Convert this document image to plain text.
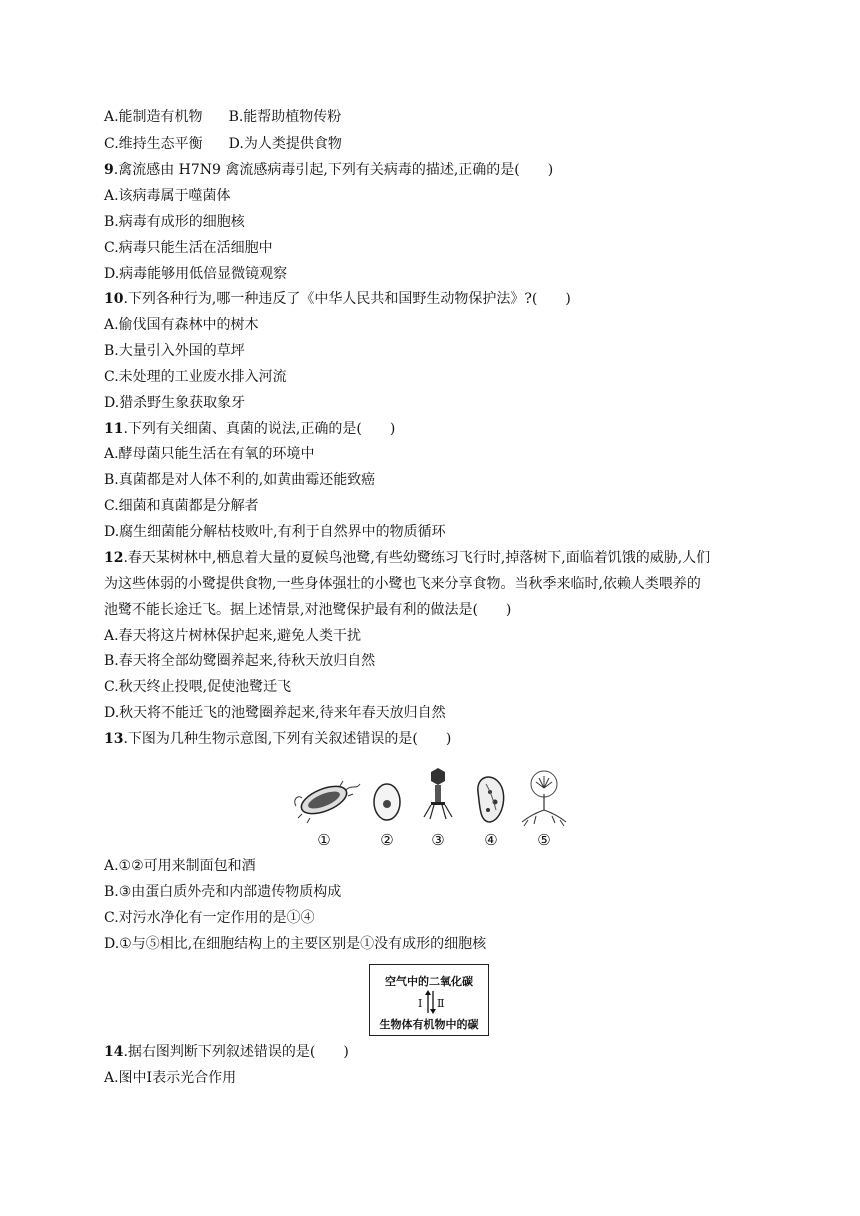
A.能制造有机物 B.能帮助植物传粉
C.维持生态平衡 D.为人类提供食物
9.禽流感由 H7N9 禽流感病毒引起,下列有关病毒的描述,正确的是(　　)
A.该病毒属于噬菌体
B.病毒有成形的细胞核
C.病毒只能生活在活细胞中
D.病毒能够用低倍显微镜观察
10.下列各种行为,哪一种违反了《中华人民共和国野生动物保护法》?(　　)
A.偷伐国有森林中的树木
B.大量引入外国的草坪
C.未处理的工业废水排入河流
D.猎杀野生象获取象牙
11.下列有关细菌、真菌的说法,正确的是(　　)
A.酵母菌只能生活在有氧的环境中
B.真菌都是对人体不利的,如黄曲霉还能致癌
C.细菌和真菌都是分解者
D.腐生细菌能分解枯枝败叶,有利于自然界中的物质循环
12.春天某树林中,栖息着大量的夏候鸟池鹭,有些幼鹭练习飞行时,掉落树下,面临着饥饿的威胁,人们
为这些体弱的小鹭提供食物,一些身体强壮的小鹭也飞来分享食物。当秋季来临时,依赖人类喂养的
池鹭不能长途迁飞。据上述情景,对池鹭保护最有利的做法是(　　)
A.春天将这片树林保护起来,避免人类干扰
B.春天将全部幼鹭圈养起来,待秋天放归自然
C.秋天终止投喂,促使池鹭迁飞
D.秋天将不能迁飞的池鹭圈养起来,待来年春天放归自然
13.下图为几种生物示意图,下列有关叙述错误的是(　　)
A.①②可用来制面包和酒
B.③由蛋白质外壳和内部遗传物质构成
C.对污水净化有一定作用的是①④
D.①与⑤相比,在细胞结构上的主要区别是①没有成形的细胞核
14.据右图判断下列叙述错误的是(　　)
A.图中Ⅰ表示光合作用
①	②	③	④	⑤
空气中的二氧化碳
Ⅰ Ⅱ
生物体有机物中的碳
